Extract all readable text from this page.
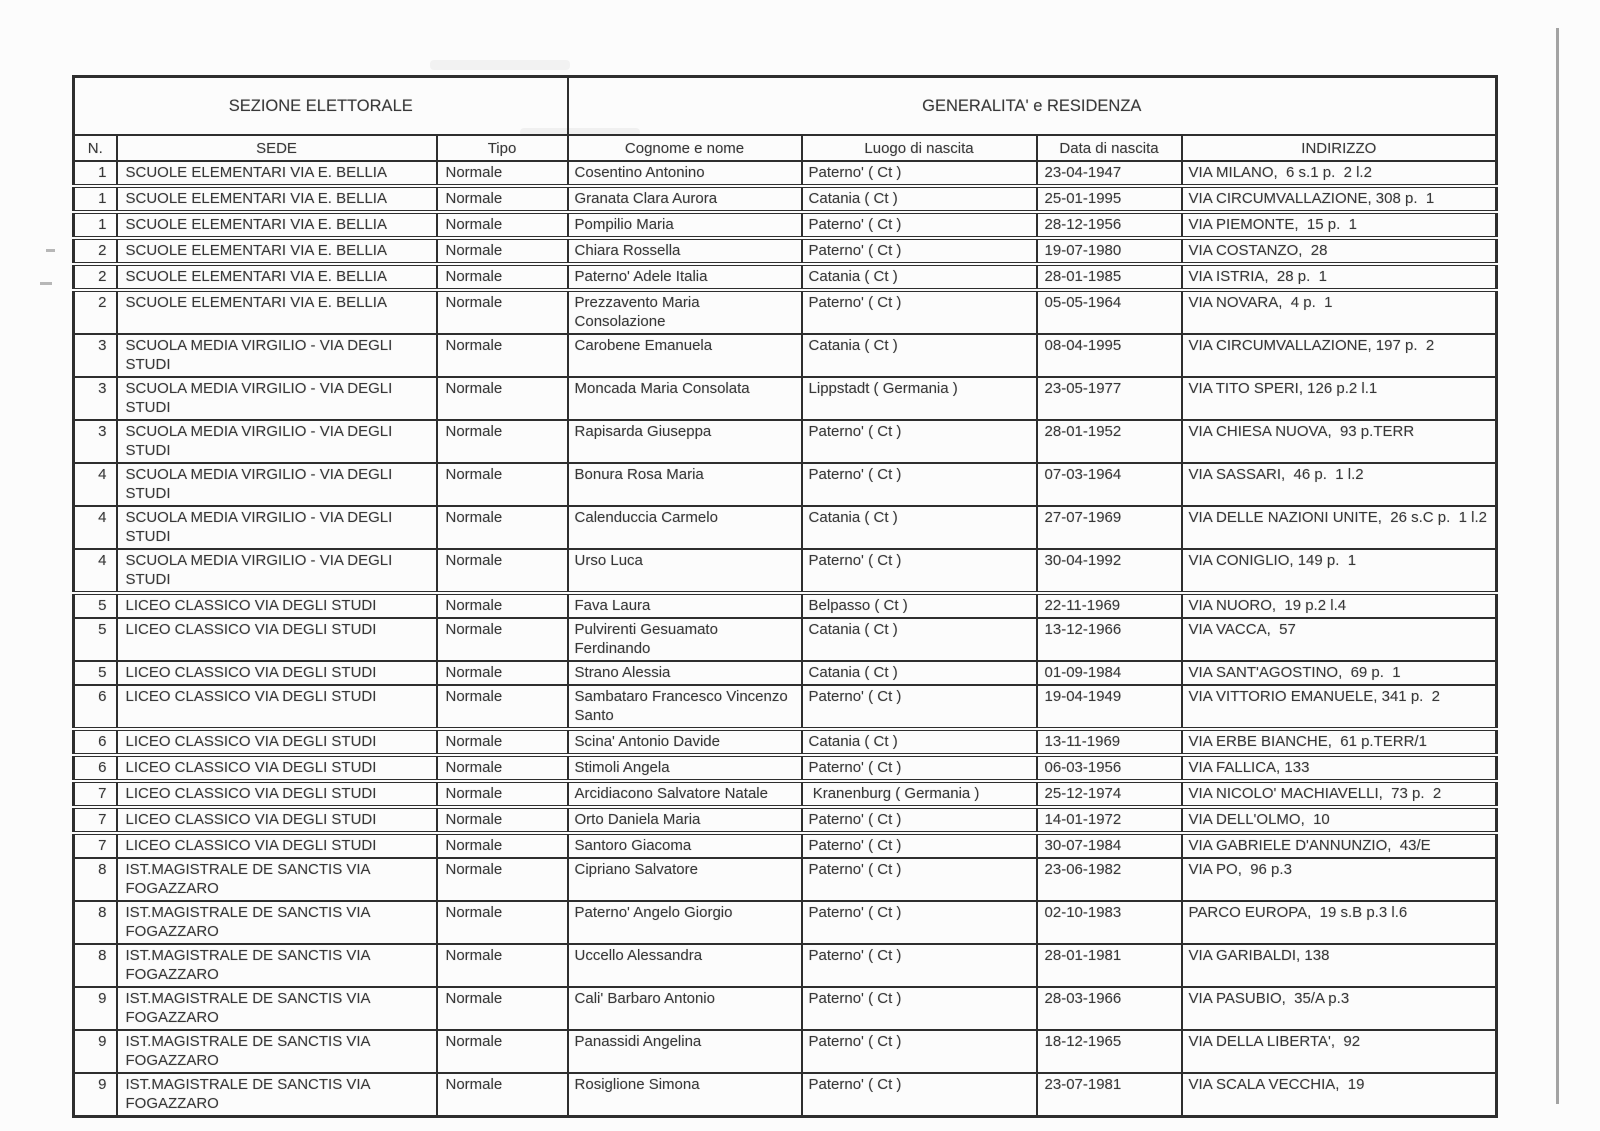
SEZIONE ELETTORALE			GENERALITA' e RESIDENZA			
N.	SEDE	Tipo	Cognome e nome	Luogo di nascita	Data di nascita	INDIRIZZO
1	SCUOLE ELEMENTARI VIA E. BELLIA	Normale	Cosentino Antonino	Paterno' ( Ct )	23-04-1947	VIA MILANO,  6 s.1 p.  2 l.2
1	SCUOLE ELEMENTARI VIA E. BELLIA	Normale	Granata Clara Aurora	Catania ( Ct )	25-01-1995	VIA CIRCUMVALLAZIONE, 308 p.  1
1	SCUOLE ELEMENTARI VIA E. BELLIA	Normale	Pompilio Maria	Paterno' ( Ct )	28-12-1956	VIA PIEMONTE,  15 p.  1
2	SCUOLE ELEMENTARI VIA E. BELLIA	Normale	Chiara Rossella	Paterno' ( Ct )	19-07-1980	VIA COSTANZO,  28
2	SCUOLE ELEMENTARI VIA E. BELLIA	Normale	Paterno' Adele Italia	Catania ( Ct )	28-01-1985	VIA ISTRIA,  28 p.  1
2	SCUOLE ELEMENTARI VIA E. BELLIA	Normale	Prezzavento Maria Consolazione	Paterno' ( Ct )	05-05-1964	VIA NOVARA,  4 p.  1
3	SCUOLA MEDIA VIRGILIO - VIA DEGLI STUDI	Normale	Carobene Emanuela	Catania ( Ct )	08-04-1995	VIA CIRCUMVALLAZIONE, 197 p.  2
3	SCUOLA MEDIA VIRGILIO - VIA DEGLI STUDI	Normale	Moncada Maria Consolata	Lippstadt ( Germania )	23-05-1977	VIA TITO SPERI, 126 p.2 l.1
3	SCUOLA MEDIA VIRGILIO - VIA DEGLI STUDI	Normale	Rapisarda Giuseppa	Paterno' ( Ct )	28-01-1952	VIA CHIESA NUOVA,  93 p.TERR
4	SCUOLA MEDIA VIRGILIO - VIA DEGLI STUDI	Normale	Bonura Rosa Maria	Paterno' ( Ct )	07-03-1964	VIA SASSARI,  46 p.  1 l.2
4	SCUOLA MEDIA VIRGILIO - VIA DEGLI STUDI	Normale	Calenduccia Carmelo	Catania ( Ct )	27-07-1969	VIA DELLE NAZIONI UNITE,  26 s.C p.  1 l.2
4	SCUOLA MEDIA VIRGILIO - VIA DEGLI STUDI	Normale	Urso Luca	Paterno' ( Ct )	30-04-1992	VIA CONIGLIO, 149 p.  1
5	LICEO CLASSICO VIA DEGLI STUDI	Normale	Fava Laura	Belpasso ( Ct )	22-11-1969	VIA NUORO,  19 p.2 l.4
5	LICEO CLASSICO VIA DEGLI STUDI	Normale	Pulvirenti Gesuamato Ferdinando	Catania ( Ct )	13-12-1966	VIA VACCA,  57
5	LICEO CLASSICO VIA DEGLI STUDI	Normale	Strano Alessia	Catania ( Ct )	01-09-1984	VIA SANT'AGOSTINO,  69 p.  1
6	LICEO CLASSICO VIA DEGLI STUDI	Normale	Sambataro Francesco Vincenzo Santo	Paterno' ( Ct )	19-04-1949	VIA VITTORIO EMANUELE, 341 p.  2
6	LICEO CLASSICO VIA DEGLI STUDI	Normale	Scina' Antonio Davide	Catania ( Ct )	13-11-1969	VIA ERBE BIANCHE,  61 p.TERR/1
6	LICEO CLASSICO VIA DEGLI STUDI	Normale	Stimoli Angela	Paterno' ( Ct )	06-03-1956	VIA FALLICA, 133
7	LICEO CLASSICO VIA DEGLI STUDI	Normale	Arcidiacono Salvatore Natale	Kranenburg ( Germania )	25-12-1974	VIA NICOLO' MACHIAVELLI,  73 p.  2
7	LICEO CLASSICO VIA DEGLI STUDI	Normale	Orto Daniela Maria	Paterno' ( Ct )	14-01-1972	VIA DELL'OLMO,  10
7	LICEO CLASSICO VIA DEGLI STUDI	Normale	Santoro Giacoma	Paterno' ( Ct )	30-07-1984	VIA GABRIELE D'ANNUNZIO,  43/E
8	IST.MAGISTRALE DE SANCTIS VIA FOGAZZARO	Normale	Cipriano Salvatore	Paterno' ( Ct )	23-06-1982	VIA PO,  96 p.3
8	IST.MAGISTRALE DE SANCTIS VIA FOGAZZARO	Normale	Paterno' Angelo Giorgio	Paterno' ( Ct )	02-10-1983	PARCO EUROPA,  19 s.B p.3 l.6
8	IST.MAGISTRALE DE SANCTIS VIA FOGAZZARO	Normale	Uccello Alessandra	Paterno' ( Ct )	28-01-1981	VIA GARIBALDI, 138
9	IST.MAGISTRALE DE SANCTIS VIA FOGAZZARO	Normale	Cali' Barbaro Antonio	Paterno' ( Ct )	28-03-1966	VIA PASUBIO,  35/A p.3
9	IST.MAGISTRALE DE SANCTIS VIA FOGAZZARO	Normale	Panassidi Angelina	Paterno' ( Ct )	18-12-1965	VIA DELLA LIBERTA',  92
9	IST.MAGISTRALE DE SANCTIS VIA FOGAZZARO	Normale	Rosiglione Simona	Paterno' ( Ct )	23-07-1981	VIA SCALA VECCHIA,  19
